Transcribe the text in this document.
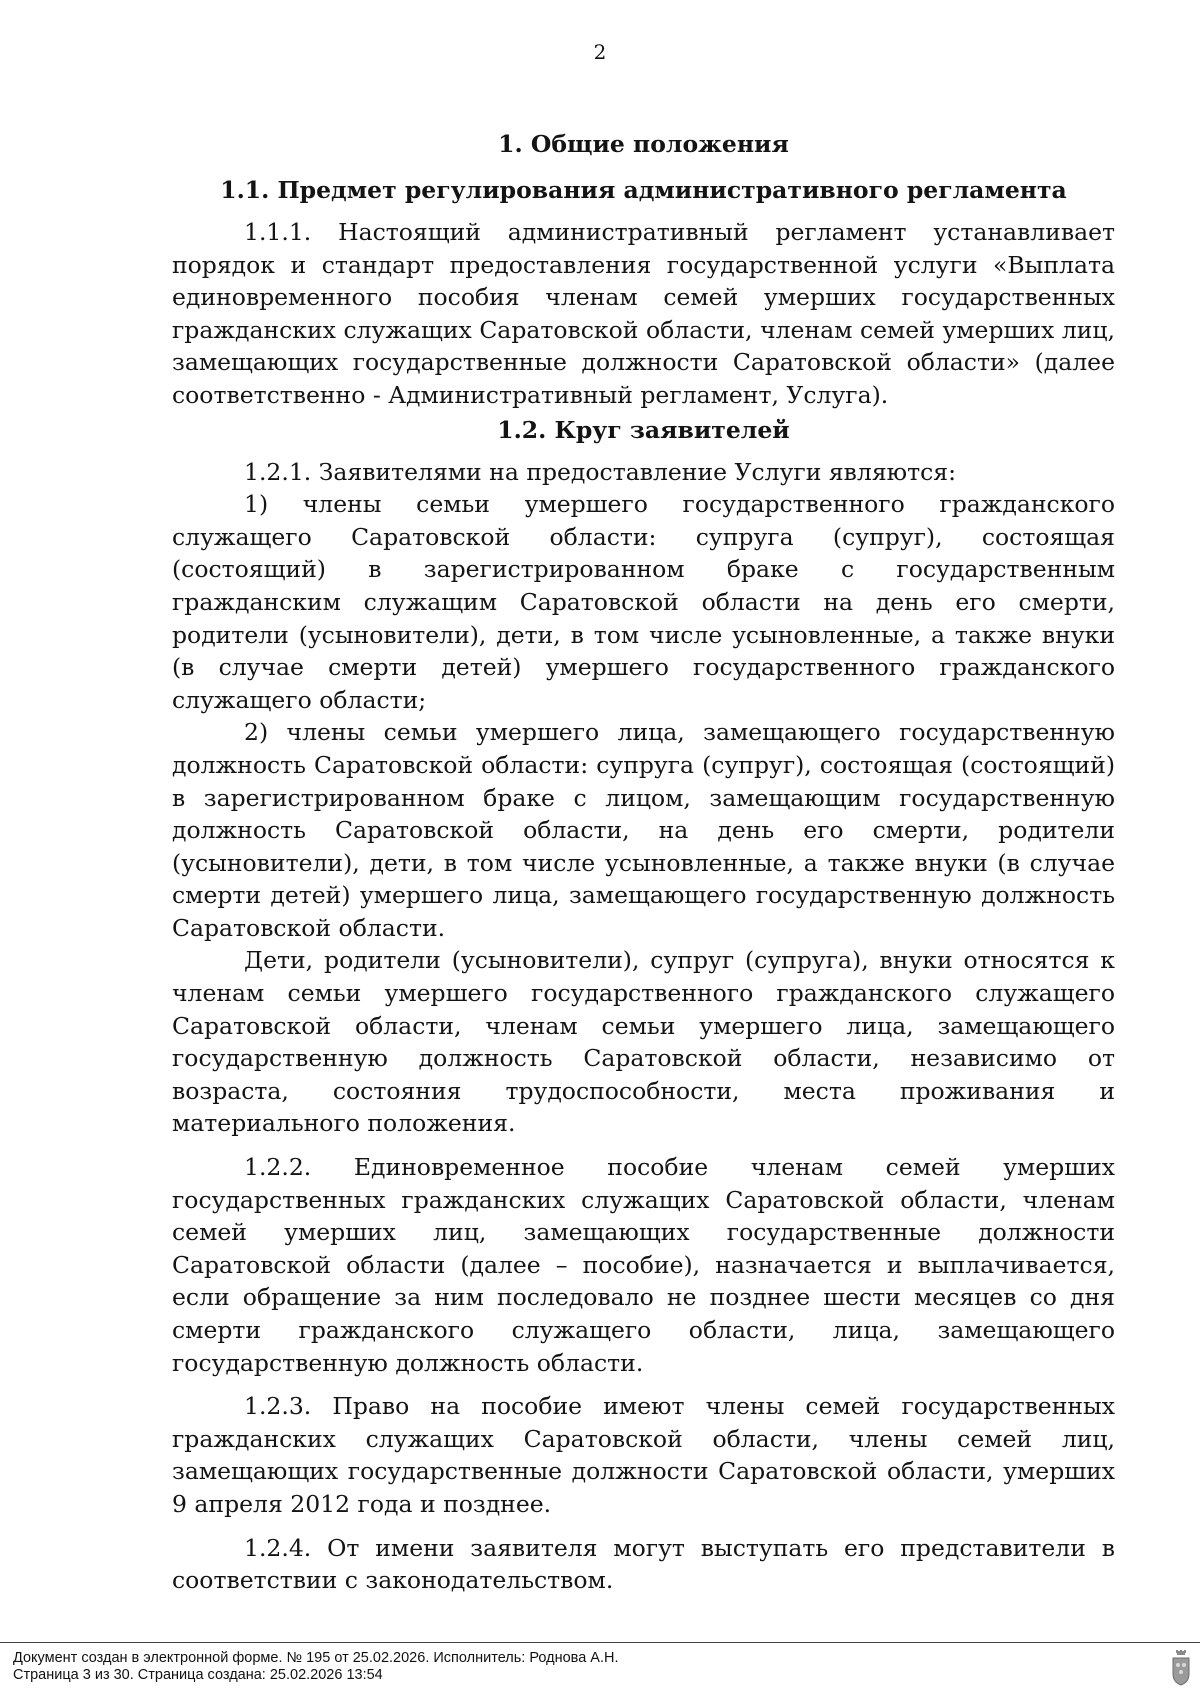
2
1. Общие положения
1.1. Предмет регулирования административного регламента

1.1.1. Настоящий административный регламент устанавливает порядок и стандарт предоставления государственной услуги «Выплата единовременного пособия членам семей умерших государственных гражданских служащих Саратовской области, членам семей умерших лиц, замещающих государственные должности Саратовской области» (далее соответственно - Административный регламент, Услуга).

1.2. Круг заявителей

1.2.1. Заявителями на предоставление Услуги являются:

1) члены семьи умершего государственного гражданского служащего Саратовской области: супруга (супруг), состоящая (состоящий) в зарегистрированном браке с государственным гражданским служащим Саратовской области на день его смерти, родители (усыновители), дети, в том числе усыновленные, а также внуки (в случае смерти детей) умершего государственного гражданского служащего области;

2) члены семьи умершего лица, замещающего государственную должность Саратовской области: супруга (супруг), состоящая (состоящий) в зарегистрированном браке с лицом, замещающим государственную должность Саратовской области, на день его смерти, родители (усыновители), дети, в том числе усыновленные, а также внуки (в случае смерти детей) умершего лица, замещающего государственную должность Саратовской области.

Дети, родители (усыновители), супруг (супруга), внуки относятся к членам семьи умершего государственного гражданского служащего Саратовской области, членам семьи умершего лица, замещающего государственную должность Саратовской области, независимо от возраста, состояния трудоспособности, места проживания и материального положения.

1.2.2. Единовременное пособие членам семей умерших государственных гражданских служащих Саратовской области, членам семей умерших лиц, замещающих государственные должности Саратовской области (далее – пособие), назначается и выплачивается, если обращение за ним последовало не позднее шести месяцев со дня смерти гражданского служащего области, лица, замещающего государственную должность области.

1.2.3. Право на пособие имеют члены семей государственных гражданских служащих Саратовской области, члены семей лиц, замещающих государственные должности Саратовской области, умерших 9 апреля 2012 года и позднее.

1.2.4. От имени заявителя могут выступать его представители в соответствии с законодательством.

Документ создан в электронной форме. № 195 от 25.02.2026. Исполнитель: Роднова А.Н.
Страница 3 из 30. Страница создана: 25.02.2026 13:54
